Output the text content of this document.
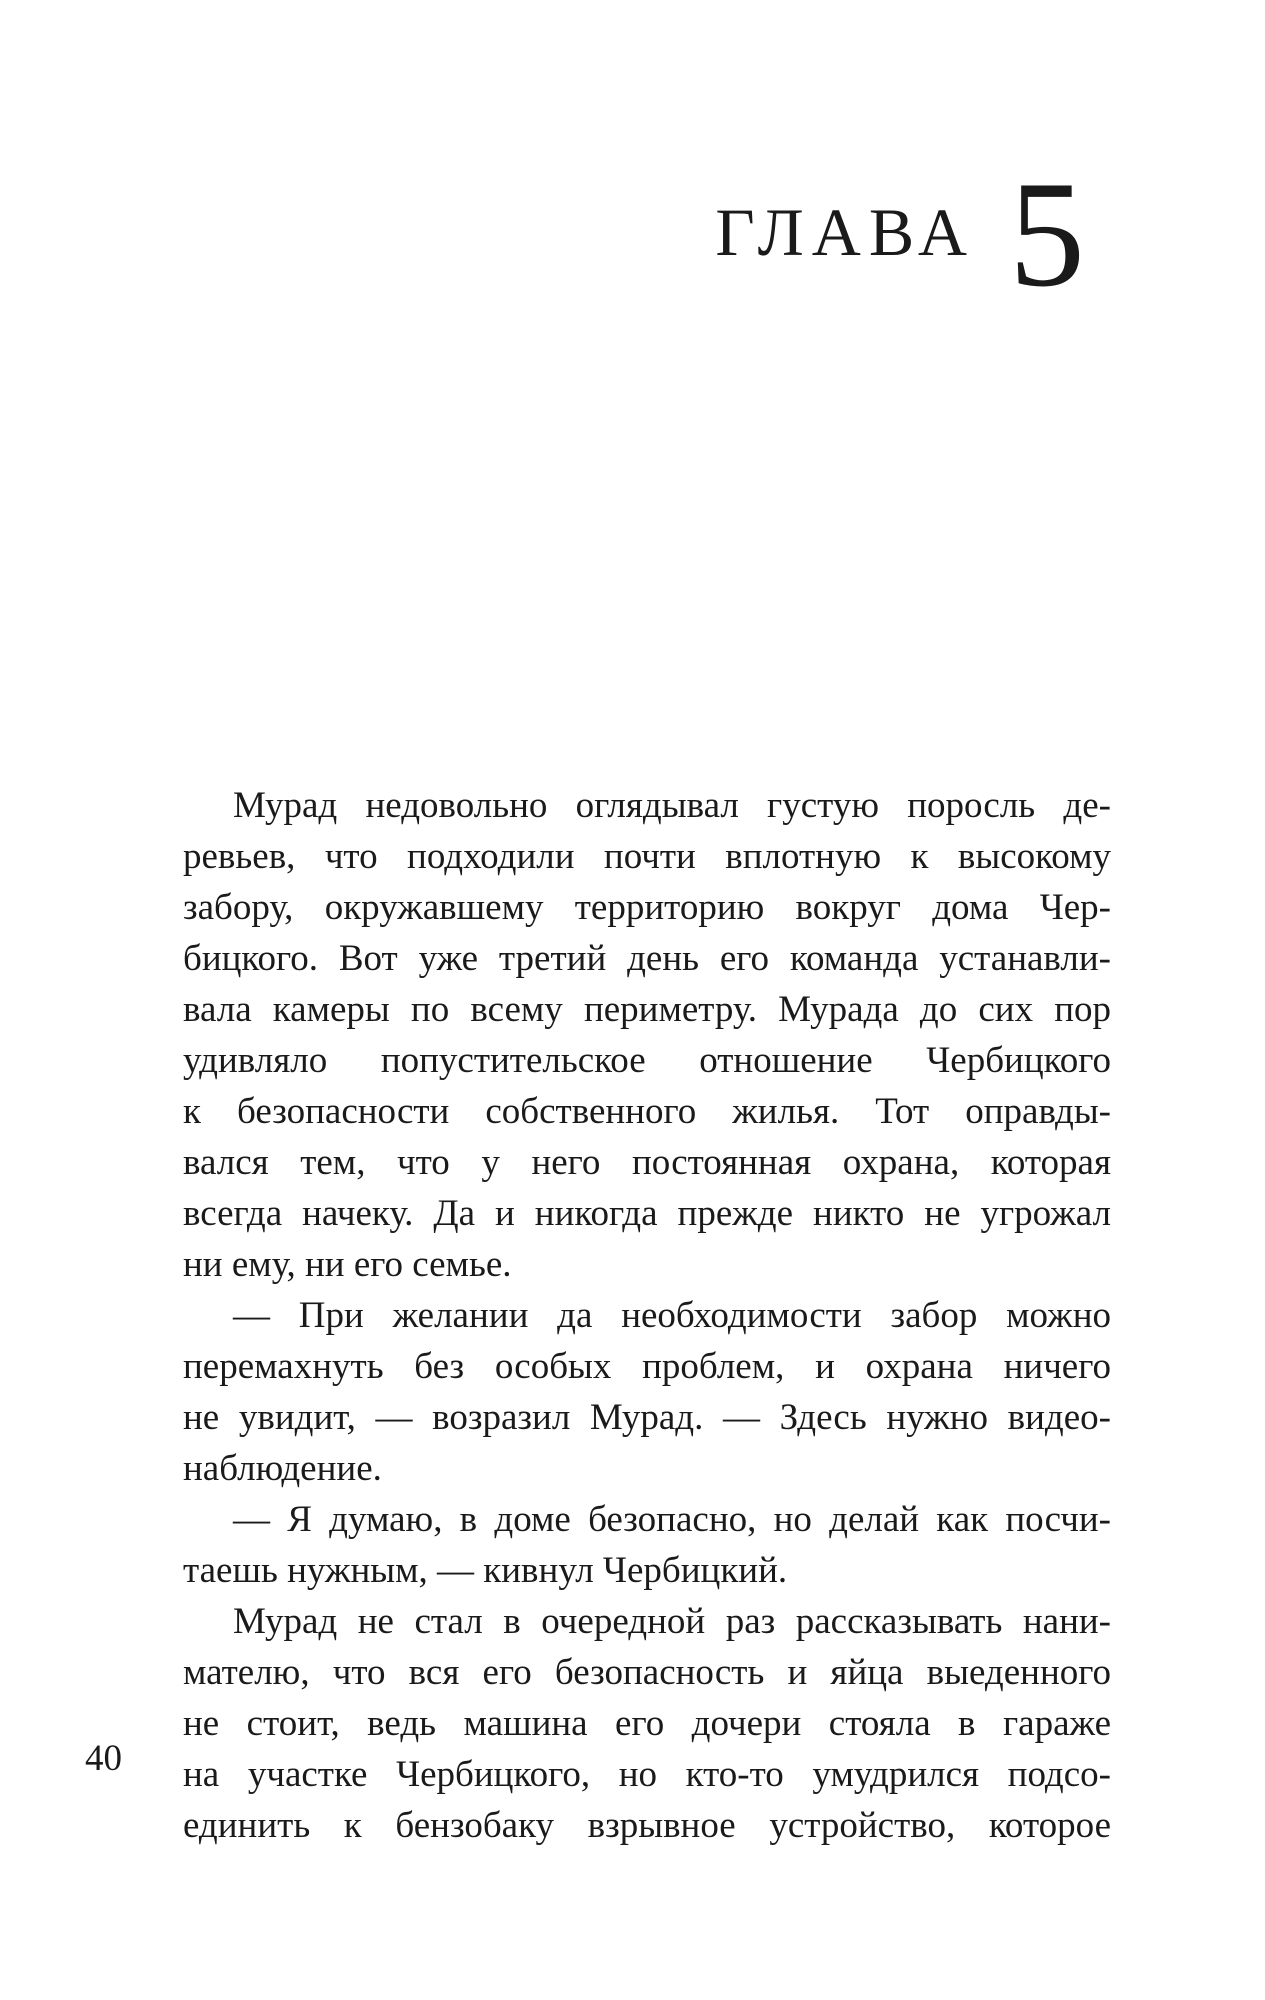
ГЛАВА 5
Мурад недовольно оглядывал густую поросль де-
ревьев, что подходили почти вплотную к высокому
забору, окружавшему территорию вокруг дома Чер-
бицкого. Вот уже третий день его команда устанавли-
вала камеры по всему периметру. Мурада до сих пор
удивляло попустительское отношение Чербицкого
к безопасности собственного жилья. Тот оправды-
вался тем, что у него постоянная охрана, которая
всегда начеку. Да и никогда прежде никто не угрожал
ни ему, ни его семье.
— При желании да необходимости забор можно
перемахнуть без особых проблем, и охрана ничего
не увидит, — возразил Мурад. — Здесь нужно видео-
наблюдение.
— Я думаю, в доме безопасно, но делай как посчи-
таешь нужным, — кивнул Чербицкий.
Мурад не стал в очередной раз рассказывать нани-
мателю, что вся его безопасность и яйца выеденного
не стоит, ведь машина его дочери стояла в гараже
на участке Чербицкого, но кто-то умудрился подсо-
единить к бензобаку взрывное устройство, которое
40
